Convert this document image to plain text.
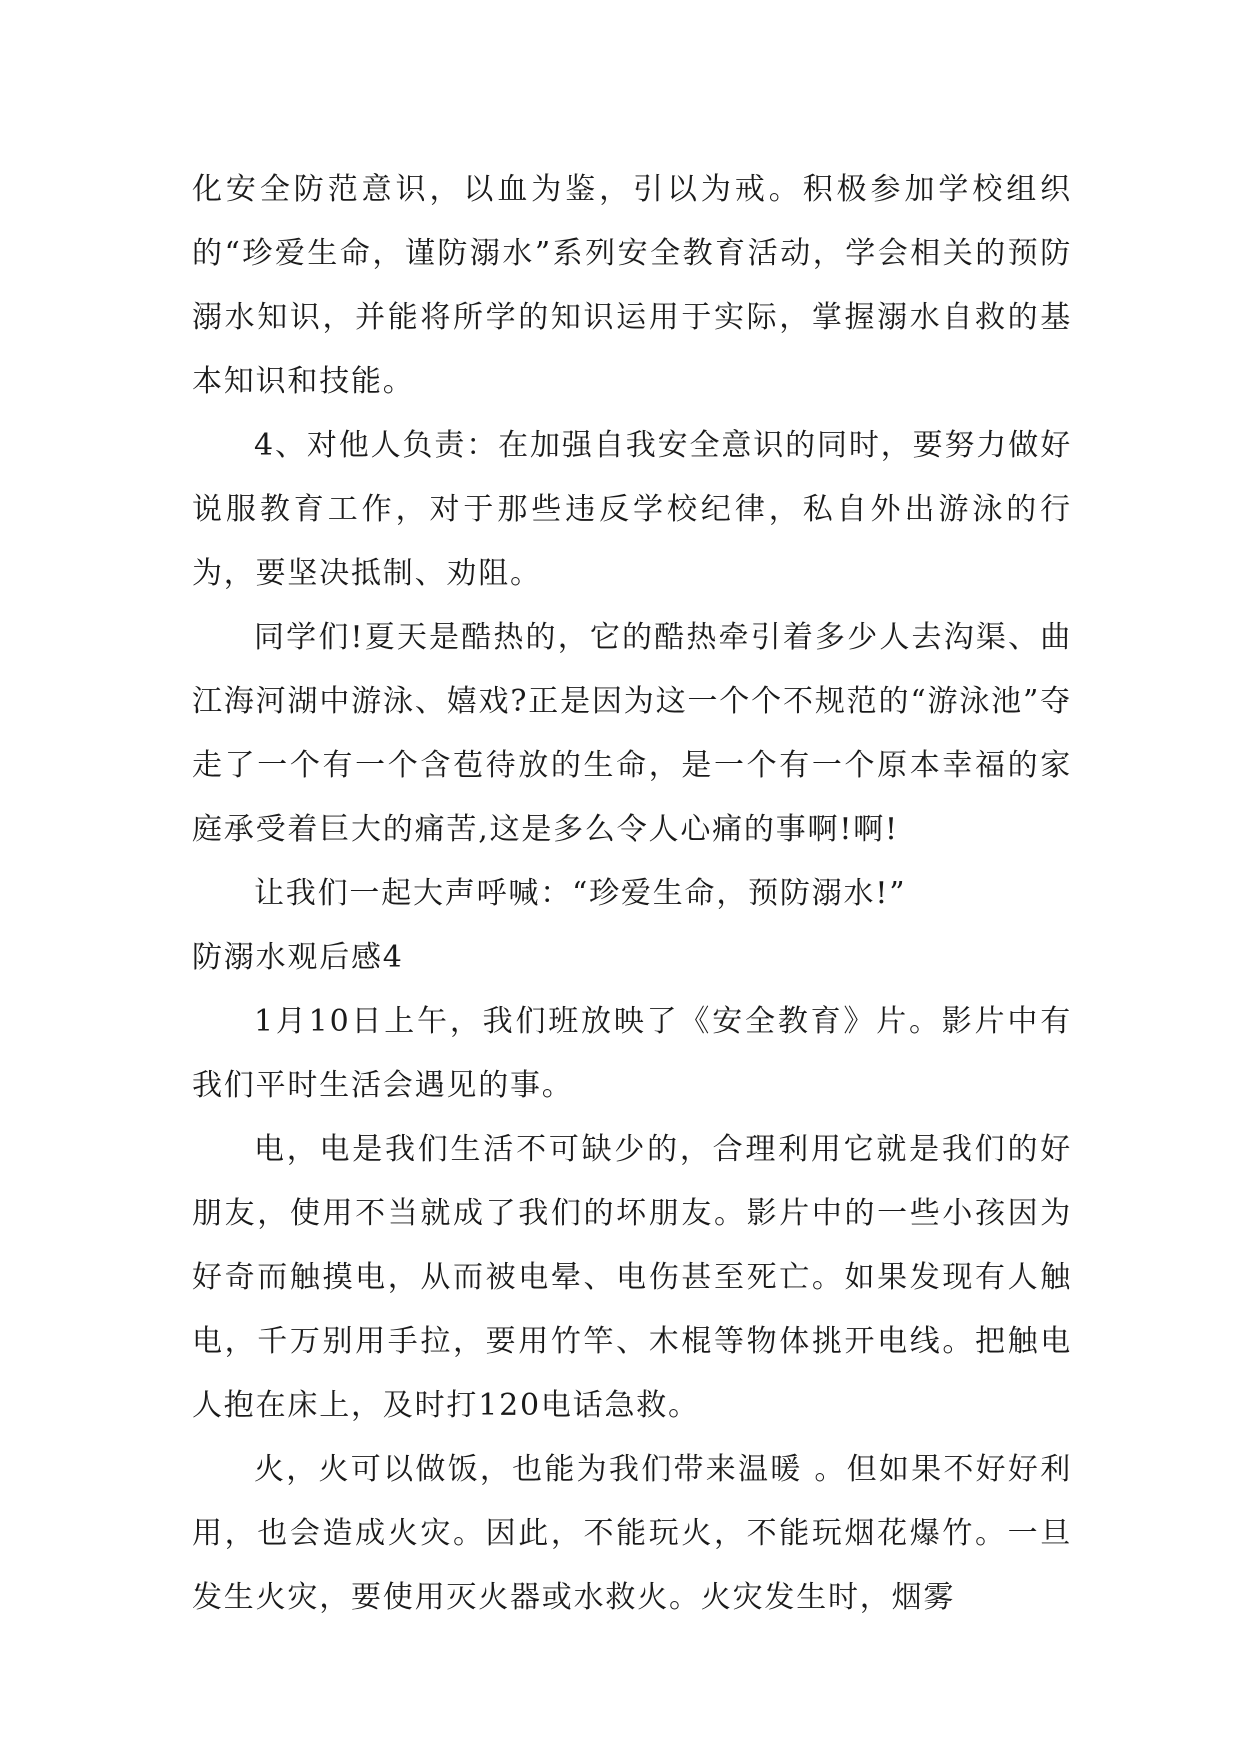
化安全防范意识，以血为鉴，引以为戒。积极参加学校组织的“珍爱生命，谨防溺水”系列安全教育活动，学会相关的预防溺水知识，并能将所学的知识运用于实际，掌握溺水自救的基本知识和技能。

4、对他人负责：在加强自我安全意识的同时，要努力做好说服教育工作，对于那些违反学校纪律，私自外出游泳的行为，要坚决抵制、劝阻。

同学们!夏天是酷热的，它的酷热牵引着多少人去沟渠、曲江海河湖中游泳、嬉戏?正是因为这一个个不规范的“游泳池”夺走了一个有一个含苞待放的生命，是一个有一个原本幸福的家庭承受着巨大的痛苦,这是多么令人心痛的事啊!啊!

让我们一起大声呼喊：“珍爱生命，预防溺水!”

防溺水观后感4

1月10日上午，我们班放映了《安全教育》片。影片中有我们平时生活会遇见的事。

电，电是我们生活不可缺少的，合理利用它就是我们的好朋友，使用不当就成了我们的坏朋友。影片中的一些小孩因为好奇而触摸电，从而被电晕、电伤甚至死亡。如果发现有人触电，千万别用手拉，要用竹竿、木棍等物体挑开电线。把触电人抱在床上，及时打120电话急救。

火，火可以做饭，也能为我们带来温暖 。但如果不好好利用，也会造成火灾。因此，不能玩火，不能玩烟花爆竹。一旦发生火灾，要使用灭火器或水救火。火灾发生时，烟雾
